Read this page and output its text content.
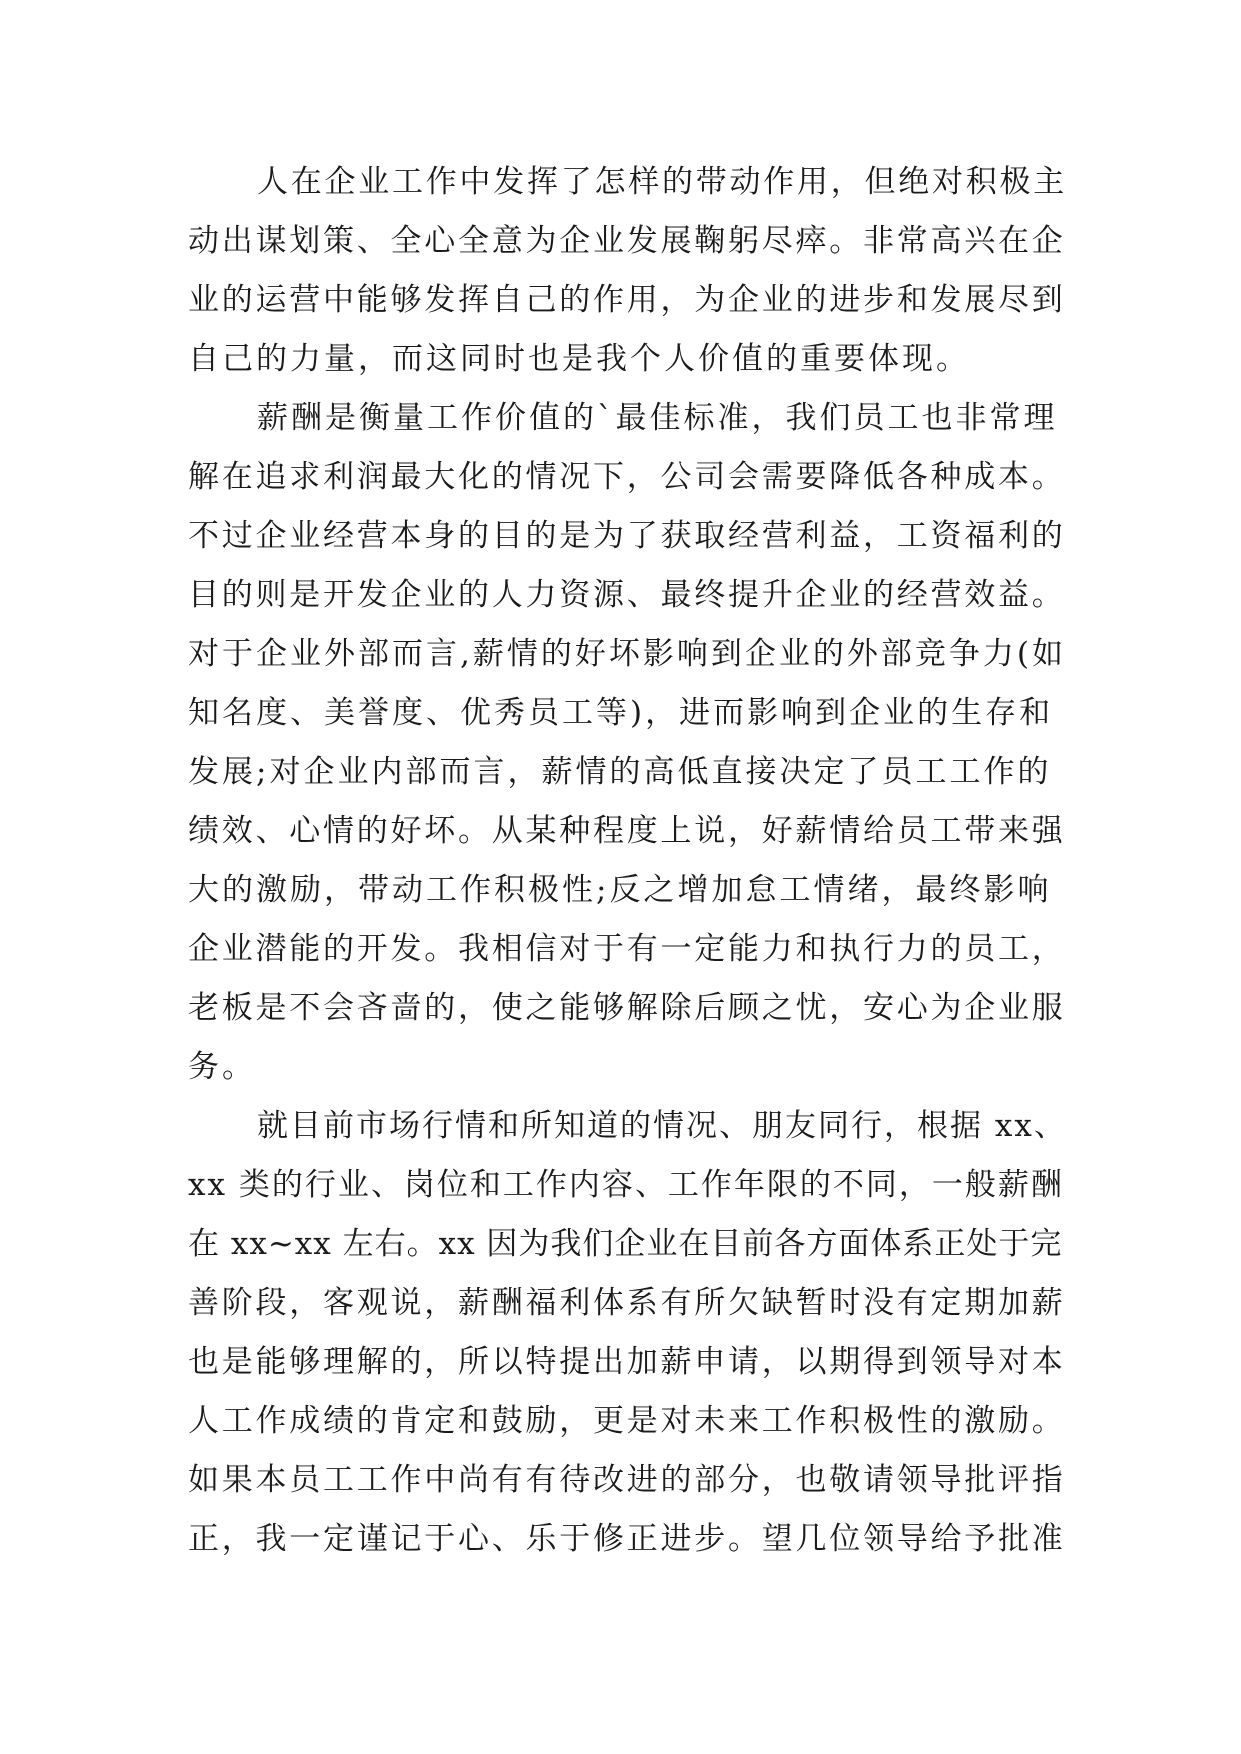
人在企业工作中发挥了怎样的带动作用，但绝对积极主
动出谋划策、全心全意为企业发展鞠躬尽瘁。非常高兴在企
业的运营中能够发挥自己的作用，为企业的进步和发展尽到
自己的力量，而这同时也是我个人价值的重要体现。
薪酬是衡量工作价值的`最佳标准，我们员工也非常理
解在追求利润最大化的情况下，公司会需要降低各种成本。
不过企业经营本身的目的是为了获取经营利益，工资福利的
目的则是开发企业的人力资源、最终提升企业的经营效益。
对于企业外部而言,薪情的好坏影响到企业的外部竞争力(如
知名度、美誉度、优秀员工等)，进而影响到企业的生存和
发展;对企业内部而言，薪情的高低直接决定了员工工作的
绩效、心情的好坏。从某种程度上说，好薪情给员工带来强
大的激励，带动工作积极性;反之增加怠工情绪，最终影响
企业潜能的开发。我相信对于有一定能力和执行力的员工，
老板是不会吝啬的，使之能够解除后顾之忧，安心为企业服
务。
就目前市场行情和所知道的情况、朋友同行，根据 xx、
xx 类的行业、岗位和工作内容、工作年限的不同，一般薪酬
在 xx~xx 左右。xx 因为我们企业在目前各方面体系正处于完
善阶段，客观说，薪酬福利体系有所欠缺暂时没有定期加薪
也是能够理解的，所以特提出加薪申请，以期得到领导对本
人工作成绩的肯定和鼓励，更是对未来工作积极性的激励。
如果本员工工作中尚有有待改进的部分，也敬请领导批评指
正，我一定谨记于心、乐于修正进步。望几位领导给予批准
